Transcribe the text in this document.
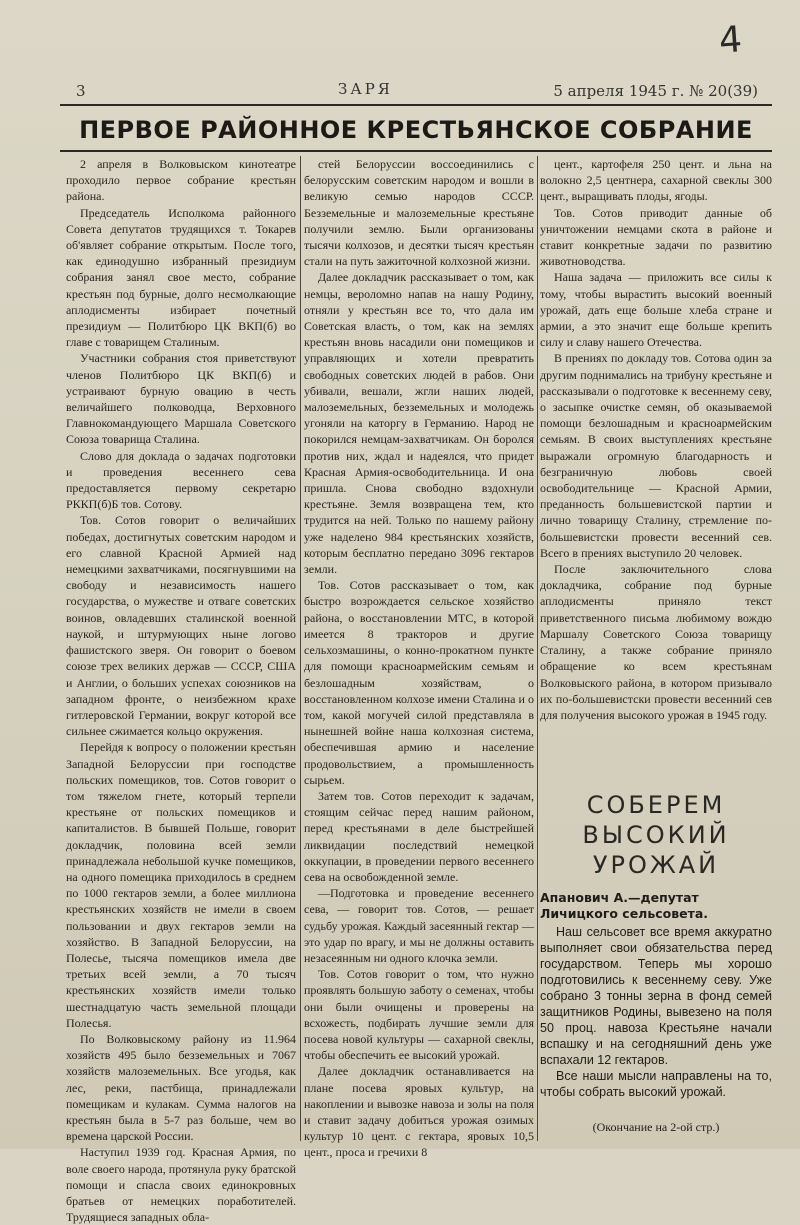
4
3	ЗАРЯ	5 апреля 1945 г. № 20(39)
ПЕРВОЕ РАЙОННОЕ КРЕСТЬЯНСКОЕ СОБРАНИЕ

2 апреля в Волковыском кинотеатре проходило первое собрание крестьян района.

Председатель Исполкома районного Совета депутатов трудящихся т. Токарев об'являет собрание открытым. После того, как единодушно избранный президиум собрания занял свое место, собрание крестьян под бурные, долго несмолкающие аплодисменты избирает почетный президиум — Политбюро ЦК ВКП(б) во главе с товарищем Сталиным.

Участники собрания стоя приветствуют членов Политбюро ЦК ВКП(б) и устраивают бурную овацию в честь величайшего полководца, Верховного Главнокомандующего Маршала Советского Союза товарища Сталина.

Слово для доклада о задачах подготовки и проведения весеннего сева предоставляется первому секретарю РККП(б)Б тов. Сотову.

Тов. Сотов говорит о величайших победах, достигнутых советским народом и его славной Красной Армией над немецкими захватчиками, посягнувшими на свободу и независимость нашего государства, о мужестве и отваге советских воинов, овладевших сталинской военной наукой, и штурмующих ныне логово фашистского зверя. Он говорит о боевом союзе трех великих держав — СССР, США и Англии, о больших успехах союзников на западном фронте, о неизбежном крахе гитлеровской Германии, вокруг которой все сильнее сжимается кольцо окружения.

Перейдя к вопросу о положении крестьян Западной Белоруссии при господстве польских помещиков, тов. Сотов говорит о том тяжелом гнете, который терпели крестьяне от польских помещиков и капиталистов. В бывшей Польше, говорит докладчик, половина всей земли принадлежала небольшой кучке помещиков, на одного помещика приходилось в среднем по 1000 гектаров земли, а более миллиона крестьянских хозяйств не имели в своем пользовании и двух гектаров земли на хозяйство. В Западной Белоруссии, на Полесье, тысяча помещиков имела две третьих всей земли, а 70 тысяч крестьянских хозяйств имели только шестнадцатую часть земельной площади Полесья.

По Волковыскому району из 11.964 хозяйств 495 было безземельных и 7067 хозяйств малоземельных. Все угодья, как лес, реки, пастбища, принадлежали помещикам и кулакам. Сумма налогов на крестьян была в 5-7 раз больше, чем во времена царской России.

Наступил 1939 год. Красная Армия, по воле своего народа, протянула руку братской помощи и спасла своих единокровных братьев от немецких поработителей. Трудящиеся западных обла-

стей Белоруссии воссоединились с белорусским советским народом и вошли в великую семью народов СССР. Безземельные и малоземельные крестьяне получили землю. Были организованы тысячи колхозов, и десятки тысяч крестьян стали на путь зажиточной колхозной жизни.

Далее докладчик рассказывает о том, как немцы, вероломно напав на нашу Родину, отняли у крестьян все то, что дала им Советская власть, о том, как на землях крестьян вновь насадили они помещиков и управляющих и хотели превратить свободных советских людей в рабов. Они убивали, вешали, жгли наших людей, малоземельных, безземельных и молодежь угоняли на каторгу в Германию. Народ не покорился немцам-захватчикам. Он боролся против них, ждал и надеялся, что придет Красная Армия-освободительница. И она пришла. Снова свободно вздохнули крестьяне. Земля возвращена тем, кто трудится на ней. Только по нашему району уже наделено 984 крестьянских хозяйств, которым бесплатно передано 3096 гектаров земли.

Тов. Сотов рассказывает о том, как быстро возрождается сельское хозяйство района, о восстановлении МТС, в которой имеется 8 тракторов и другие сельхозмашины, о конно-прокатном пункте для помощи красноармейским семьям и безлошадным хозяйствам, о восстановленном колхозе имени Сталина и о том, какой могучей силой представляла в нынешней войне наша колхозная система, обеспечившая армию и население продовольствием, а промышленность сырьем.

Затем тов. Сотов переходит к задачам, стоящим сейчас перед нашим районом, перед крестьянами в деле быстрейшей ликвидации последствий немецкой оккупации, в проведении первого весеннего сева на освобожденной земле.

—Подготовка и проведение весеннего сева, — говорит тов. Сотов, — решает судьбу урожая. Каждый засеянный гектар — это удар по врагу, и мы не должны оставить незасеянным ни одного клочка земли.

Тов. Сотов говорит о том, что нужно проявлять большую заботу о семенах, чтобы они были очищены и проверены на всхожесть, подбирать лучшие земли для посева новой культуры — сахарной свеклы, чтобы обеспечить ее высокий урожай.

Далее докладчик останавливается на плане посева яровых культур, на накоплении и вывозке навоза и золы на поля и ставит задачу добиться урожая озимых культур 10 цент. с гектара, яровых 10,5 цент., проса и гречихи 8

цент., картофеля 250 цент. и льна на волокно 2,5 центнера, сахарной свеклы 300 цент., выращивать плоды, ягоды.

Тов. Сотов приводит данные об уничтожении немцами скота в районе и ставит конкретные задачи по развитию животноводства.

Наша задача — приложить все силы к тому, чтобы вырастить высокий военный урожай, дать еще больше хлеба стране и армии, а это значит еще больше крепить силу и славу нашего Отечества.

В прениях по докладу тов. Сотова один за другим поднимались на трибуну крестьяне и рассказывали о подготовке к весеннему севу, о засыпке очистке семян, об оказываемой помощи безлошадным и красноармейским семьям. В своих выступлениях крестьяне выражали огромную благодарность и безграничную любовь своей освободительнице — Красной Армии, преданность большевистской партии и лично товарищу Сталину, стремление по-большевистски провести весенний сев. Всего в прениях выступило 20 человек.

После заключительного слова докладчика, собрание под бурные аплодисменты приняло текст приветственного письма любимому вождю Маршалу Советского Союза товарищу Сталину, а также собрание приняло обращение ко всем крестьянам Волковыского района, в котором призывало их по-большевистски провести весенний сев для получения высокого урожая в 1945 году.

СОБЕРЕМ
ВЫСОКИЙ
УРОЖАЙ
Апанович А.—депутат Личицкого сельсовета.

Наш сельсовет все время аккуратно выполняет свои обязательства перед государством. Теперь мы хорошо подготовились к весеннему севу. Уже собрано 3 тонны зерна в фонд семей защитников Родины, вывезено на поля 50 проц. навоза Крестьяне начали вспашку и на сегодняшний день уже вспахали 12 гектаров.

Все наши мысли направлены на то, чтобы собрать высокий урожай.

(Окончание на 2-ой стр.)
